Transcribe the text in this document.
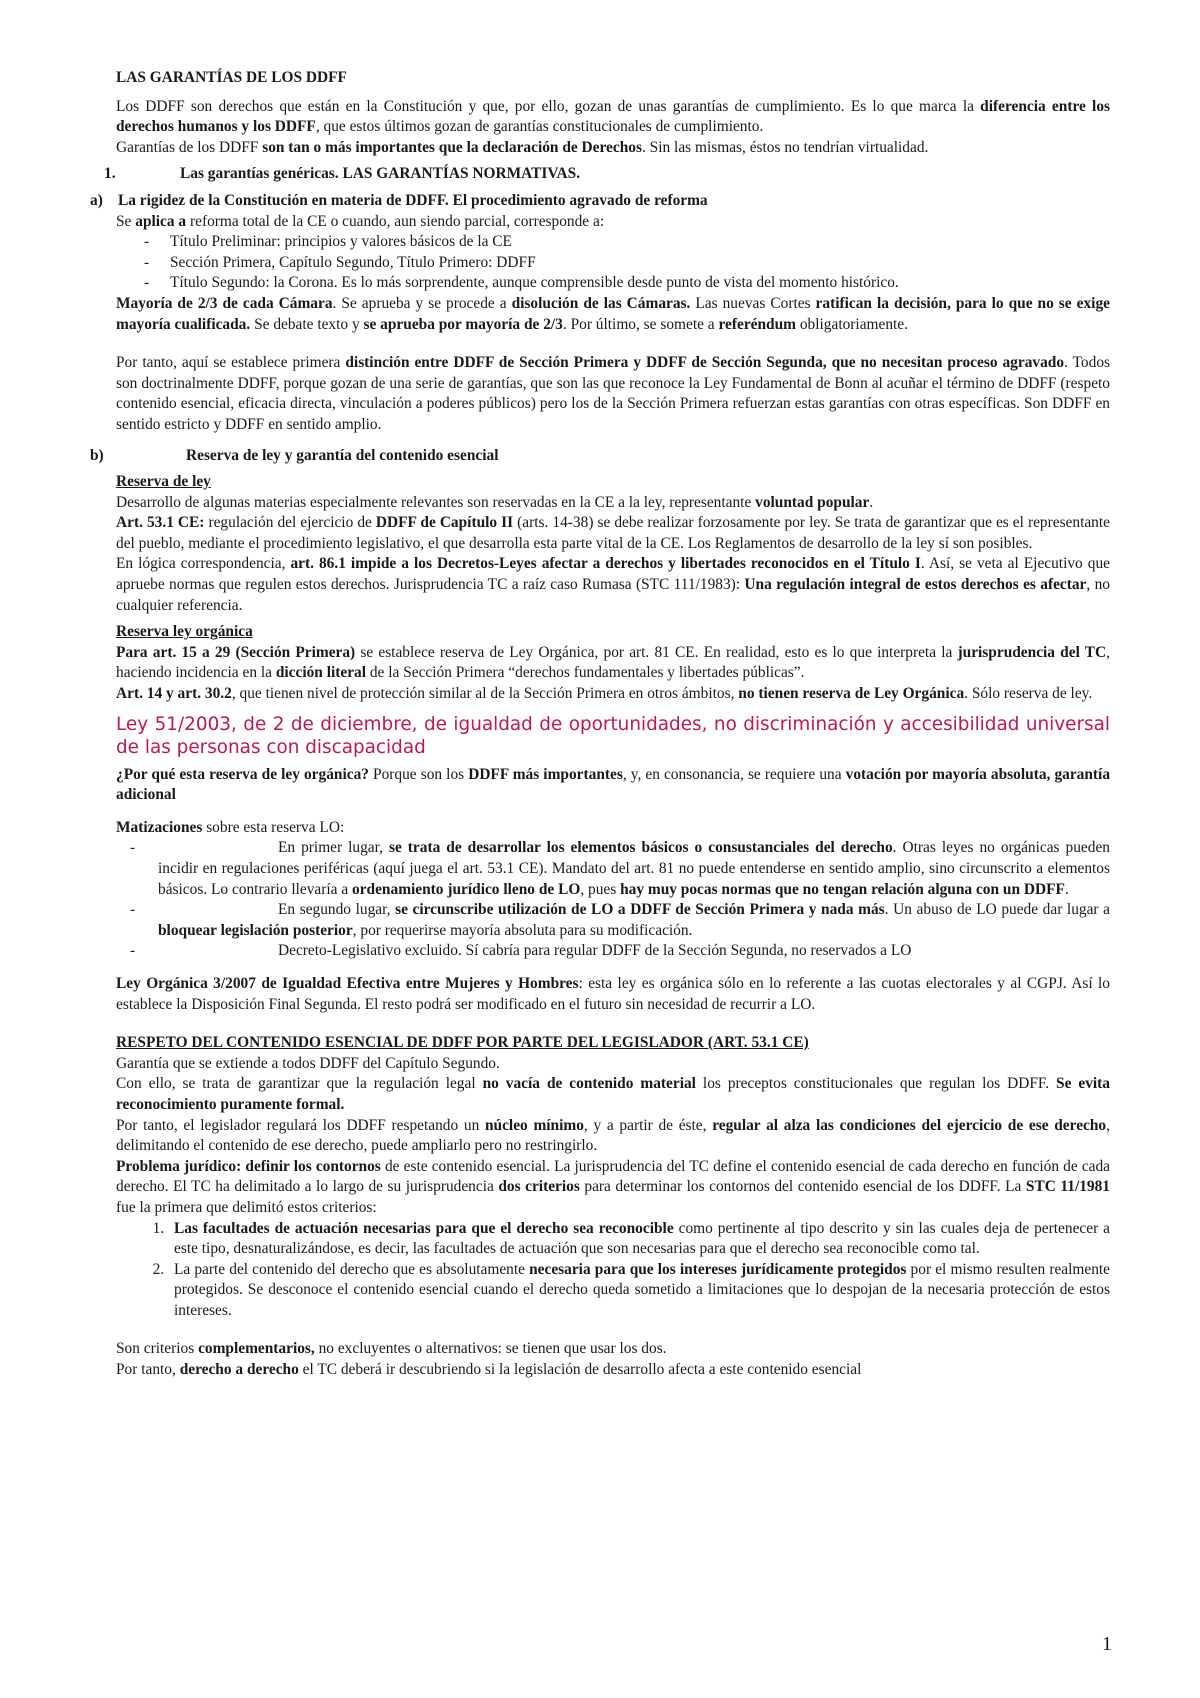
LAS GARANTÍAS DE LOS DDFF

Los DDFF son derechos que están en la Constitución y que, por ello, gozan de unas garantías de cumplimiento. Es lo que marca la diferencia entre los derechos humanos y los DDFF, que estos últimos gozan de garantías constitucionales de cumplimiento.

Garantías de los DDFF son tan o más importantes que la declaración de Derechos. Sin las mismas, éstos no tendrían virtualidad.

1.	Las garantías genéricas. LAS GARANTÍAS NORMATIVAS.
a) La rigidez de la Constitución en materia de DDFF. El procedimiento agravado de reforma

Se aplica a reforma total de la CE o cuando, aun siendo parcial, corresponde a:

- Título Preliminar: principios y valores básicos de la CE
- Sección Primera, Capítulo Segundo, Título Primero: DDFF
- Título Segundo: la Corona. Es lo más sorprendente, aunque comprensible desde punto de vista del momento histórico.

Mayoría de 2/3 de cada Cámara. Se aprueba y se procede a disolución de las Cámaras. Las nuevas Cortes ratifican la decisión, para lo que no se exige mayoría cualificada. Se debate texto y se aprueba por mayoría de 2/3. Por último, se somete a referéndum obligatoriamente.

Por tanto, aquí se establece primera distinción entre DDFF de Sección Primera y DDFF de Sección Segunda, que no necesitan proceso agravado. Todos son doctrinalmente DDFF, porque gozan de una serie de garantías, que son las que reconoce la Ley Fundamental de Bonn al acuñar el término de DDFF (respeto contenido esencial, eficacia directa, vinculación a poderes públicos) pero los de la Sección Primera refuerzan estas garantías con otras específicas. Son DDFF en sentido estricto y DDFF en sentido amplio.

b)	Reserva de ley y garantía del contenido esencial

Reserva de ley

Desarrollo de algunas materias especialmente relevantes son reservadas en la CE a la ley, representante voluntad popular.

Art. 53.1 CE: regulación del ejercicio de DDFF de Capítulo II (arts. 14-38) se debe realizar forzosamente por ley. Se trata de garantizar que es el representante del pueblo, mediante el procedimiento legislativo, el que desarrolla esta parte vital de la CE. Los Reglamentos de desarrollo de la ley sí son posibles.

En lógica correspondencia, art. 86.1 impide a los Decretos-Leyes afectar a derechos y libertades reconocidos en el Título I. Así, se veta al Ejecutivo que apruebe normas que regulen estos derechos. Jurisprudencia TC a raíz caso Rumasa (STC 111/1983): Una regulación integral de estos derechos es afectar, no cualquier referencia.

Reserva ley orgánica

Para art. 15 a 29 (Sección Primera) se establece reserva de Ley Orgánica, por art. 81 CE. En realidad, esto es lo que interpreta la jurisprudencia del TC, haciendo incidencia en la dicción literal de la Sección Primera “derechos fundamentales y libertades públicas”.

Art. 14 y art. 30.2, que tienen nivel de protección similar al de la Sección Primera en otros ámbitos, no tienen reserva de Ley Orgánica. Sólo reserva de ley.

Ley 51/2003, de 2 de diciembre, de igualdad de oportunidades, no discriminación y accesibilidad universal de las personas con discapacidad

¿Por qué esta reserva de ley orgánica? Porque son los DDFF más importantes, y, en consonancia, se requiere una votación por mayoría absoluta, garantía adicional

Matizaciones sobre esta reserva LO:

- En primer lugar, se trata de desarrollar los elementos básicos o consustanciales del derecho. Otras leyes no orgánicas pueden incidir en regulaciones periféricas (aquí juega el art. 53.1 CE). Mandato del art. 81 no puede entenderse en sentido amplio, sino circunscrito a elementos básicos. Lo contrario llevaría a ordenamiento jurídico lleno de LO, pues hay muy pocas normas que no tengan relación alguna con un DDFF.
- En segundo lugar, se circunscribe utilización de LO a DDFF de Sección Primera y nada más. Un abuso de LO puede dar lugar a bloquear legislación posterior, por requerirse mayoría absoluta para su modificación.
- Decreto-Legislativo excluido. Sí cabría para regular DDFF de la Sección Segunda, no reservados a LO

Ley Orgánica 3/2007 de Igualdad Efectiva entre Mujeres y Hombres: esta ley es orgánica sólo en lo referente a las cuotas electorales y al CGPJ. Así lo establece la Disposición Final Segunda. El resto podrá ser modificado en el futuro sin necesidad de recurrir a LO.

RESPETO DEL CONTENIDO ESENCIAL DE DDFF POR PARTE DEL LEGISLADOR (ART. 53.1 CE)

Garantía que se extiende a todos DDFF del Capítulo Segundo.

Con ello, se trata de garantizar que la regulación legal no vacía de contenido material los preceptos constitucionales que regulan los DDFF. Se evita reconocimiento puramente formal.

Por tanto, el legislador regulará los DDFF respetando un núcleo mínimo, y a partir de éste, regular al alza las condiciones del ejercicio de ese derecho, delimitando el contenido de ese derecho, puede ampliarlo pero no restringirlo.

Problema jurídico: definir los contornos de este contenido esencial. La jurisprudencia del TC define el contenido esencial de cada derecho en función de cada derecho. El TC ha delimitado a lo largo de su jurisprudencia dos criterios para determinar los contornos del contenido esencial de los DDFF. La STC 11/1981 fue la primera que delimitó estos criterios:

1. Las facultades de actuación necesarias para que el derecho sea reconocible como pertinente al tipo descrito y sin las cuales deja de pertenecer a este tipo, desnaturalizándose, es decir, las facultades de actuación que son necesarias para que el derecho sea reconocible como tal.
2. La parte del contenido del derecho que es absolutamente necesaria para que los intereses jurídicamente protegidos por el mismo resulten realmente protegidos. Se desconoce el contenido esencial cuando el derecho queda sometido a limitaciones que lo despojan de la necesaria protección de estos intereses.

Son criterios complementarios, no excluyentes o alternativos: se tienen que usar los dos.

Por tanto, derecho a derecho el TC deberá ir descubriendo si la legislación de desarrollo afecta a este contenido esencial

1
